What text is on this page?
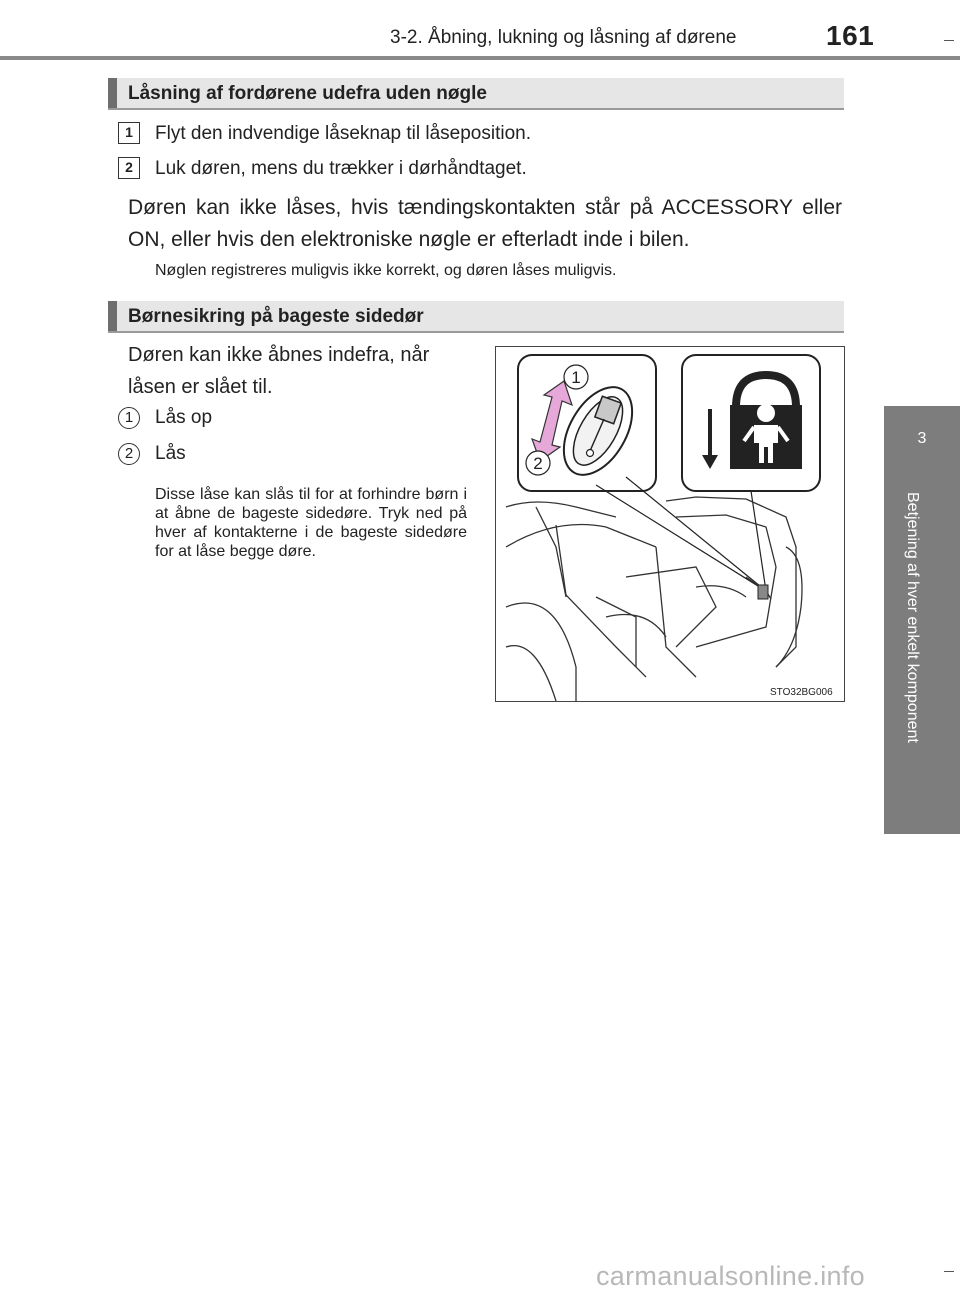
3-2. Åbning, lukning og låsning af dørene	161
3
Betjening af hver enkelt komponent
Låsning af fordørene udefra uden nøgle
1	Flyt den indvendige låseknap til låseposition.
2	Luk døren, mens du trækker i dørhåndtaget.
Døren kan ikke låses, hvis tændingskontakten står på ACCESSORY eller ON, eller hvis den elektroniske nøgle er efterladt inde i bilen.
Nøglen registreres muligvis ikke korrekt, og døren låses muligvis.
Børnesikring på bageste sidedør
Døren kan ikke åbnes indefra, når låsen er slået til.
1	Lås op
2	Lås
Disse låse kan slås til for at forhindre børn i at åbne de bageste sidedøre. Tryk ned på hver af kontakterne i de bageste sidedøre for at låse begge døre.
1
2
STO32BG006
carmanualsonline.info
